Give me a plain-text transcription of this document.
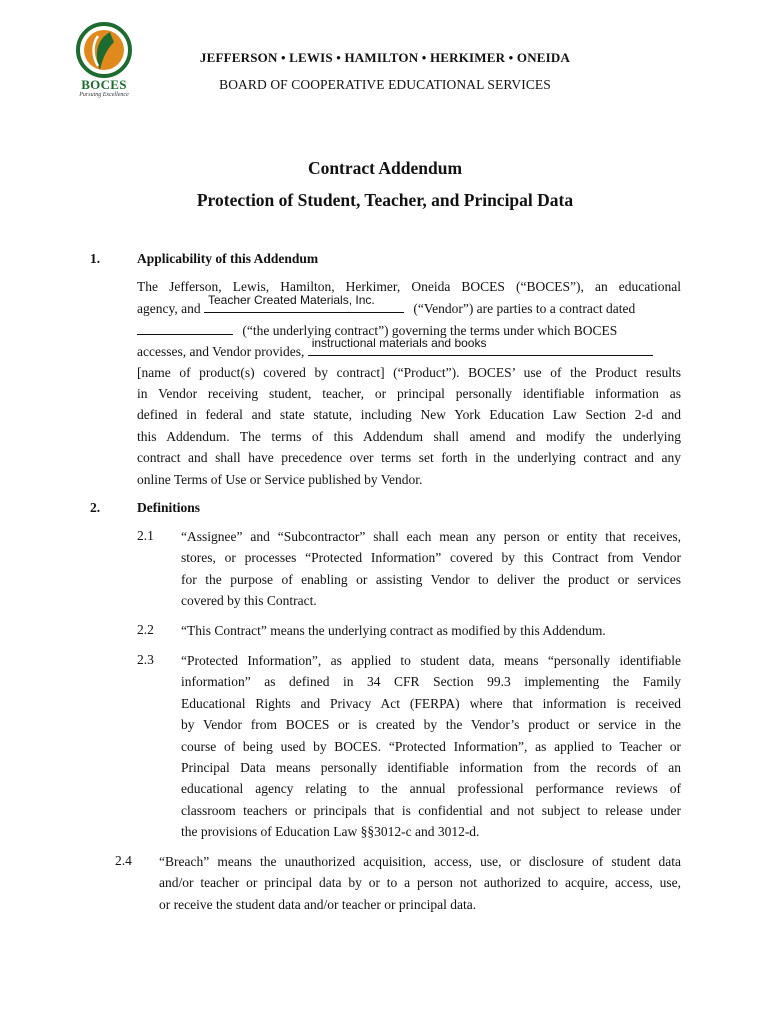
BOCES
Pursuing Excellence
JEFFERSON • LEWIS • HAMILTON • HERKIMER • ONEIDA
BOARD OF COOPERATIVE EDUCATIONAL SERVICES
Contract Addendum
Protection of Student, Teacher, and Principal Data
1.	Applicability of this Addendum
The Jefferson, Lewis, Hamilton, Herkimer, Oneida BOCES (“BOCES”), an educational
agency, and
Teacher Created Materials, Inc.
(“Vendor”) are parties to a contract dated
(“the underlying contract”) governing the terms under which BOCES
accesses, and Vendor provides,
instructional materials and books
[name of product(s) covered by contract] (“Product”). BOCES’ use of the Product results
in Vendor receiving student, teacher, or principal personally identifiable information as
defined in federal and state statute, including New York Education Law Section 2-d and
this Addendum. The terms of this Addendum shall amend and modify the underlying
contract and shall have precedence over terms set forth in the underlying contract and any
online Terms of Use or Service published by Vendor.
2.	Definitions
2.1 “Assignee” and “Subcontractor” shall each mean any person or entity that receives,
stores, or processes “Protected Information” covered by this Contract from Vendor
for the purpose of enabling or assisting Vendor to deliver the product or services
covered by this Contract.
2.2 “This Contract” means the underlying contract as modified by this Addendum.
2.3 “Protected Information”, as applied to student data, means “personally identifiable
information” as defined in 34 CFR Section 99.3 implementing the Family
Educational Rights and Privacy Act (FERPA) where that information is received
by Vendor from BOCES or is created by the Vendor’s product or service in the
course of being used by BOCES. “Protected Information”, as applied to Teacher or
Principal Data means personally identifiable information from the records of an
educational agency relating to the annual professional performance reviews of
classroom teachers or principals that is confidential and not subject to release under
the provisions of Education Law §§3012-c and 3012-d.
2.4 “Breach” means the unauthorized acquisition, access, use, or disclosure of student data
and/or teacher or principal data by or to a person not authorized to acquire, access, use,
or receive the student data and/or teacher or principal data.
